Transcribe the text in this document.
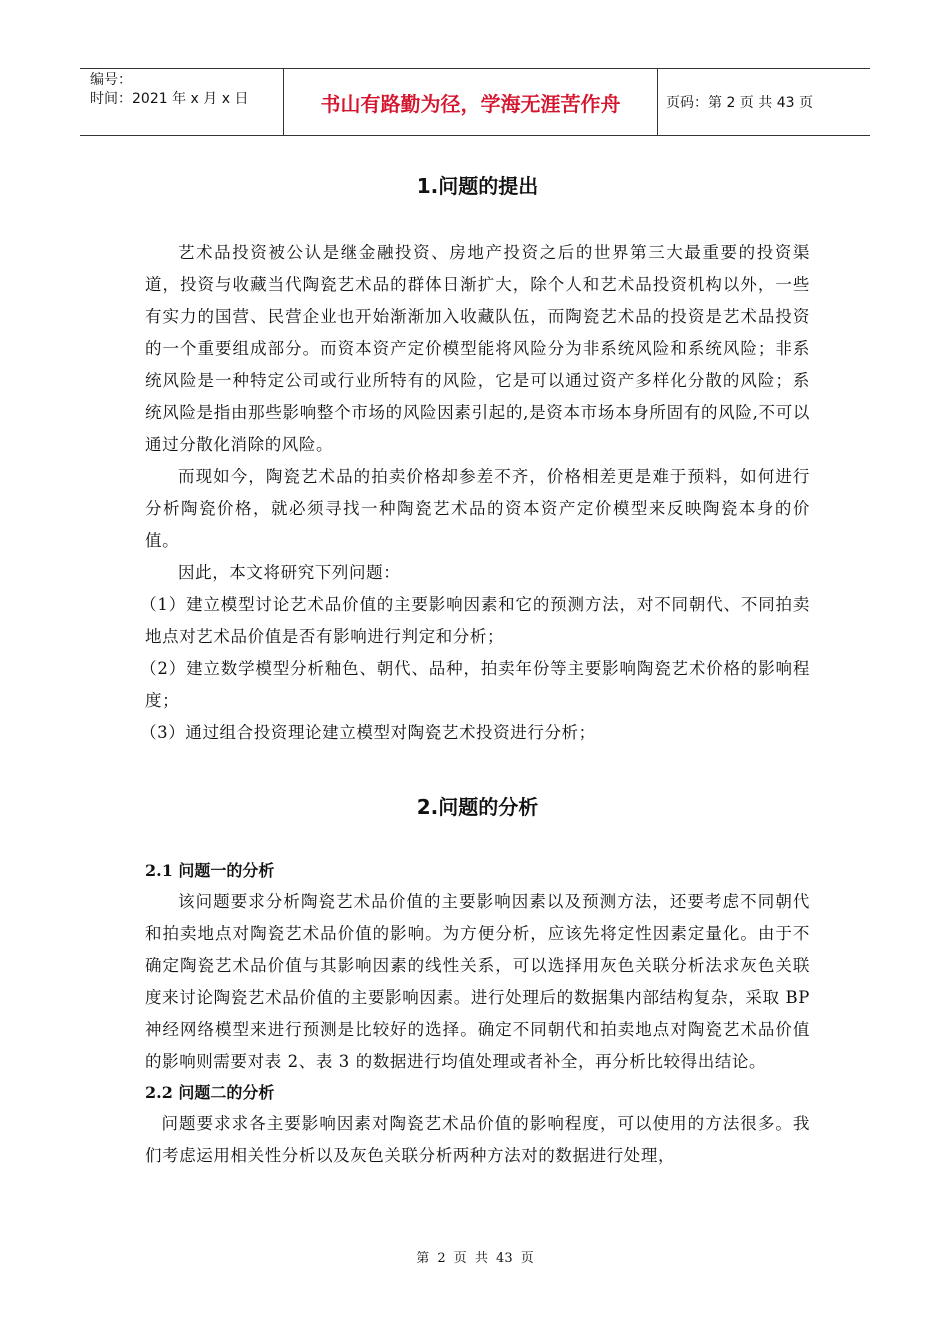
编号：
时间：2021 年 x 月 x 日	书山有路勤为径，学海无涯苦作舟	页码：第 2 页 共 43 页
1.问题的提出

艺术品投资被公认是继金融投资、房地产投资之后的世界第三大最重要的投资渠道，投资与收藏当代陶瓷艺术品的群体日渐扩大，除个人和艺术品投资机构以外，一些有实力的国营、民营企业也开始渐渐加入收藏队伍，而陶瓷艺术品的投资是艺术品投资的一个重要组成部分。而资本资产定价模型能将风险分为非系统风险和系统风险；非系统风险是一种特定公司或行业所特有的风险，它是可以通过资产多样化分散的风险；系统风险是指由那些影响整个市场的风险因素引起的,是资本市场本身所固有的风险,不可以通过分散化消除的风险。

而现如今，陶瓷艺术品的拍卖价格却参差不齐，价格相差更是难于预料，如何进行分析陶瓷价格，就必须寻找一种陶瓷艺术品的资本资产定价模型来反映陶瓷本身的价值。

因此，本文将研究下列问题：

（1）建立模型讨论艺术品价值的主要影响因素和它的预测方法，对不同朝代、不同拍卖地点对艺术品价值是否有影响进行判定和分析；

（2）建立数学模型分析釉色、朝代、品种，拍卖年份等主要影响陶瓷艺术价格的影响程度；

（3）通过组合投资理论建立模型对陶瓷艺术投资进行分析；

2.问题的分析
2.1 问题一的分析

该问题要求分析陶瓷艺术品价值的主要影响因素以及预测方法，还要考虑不同朝代和拍卖地点对陶瓷艺术品价值的影响。为方便分析，应该先将定性因素定量化。由于不确定陶瓷艺术品价值与其影响因素的线性关系，可以选择用灰色关联分析法求灰色关联度来讨论陶瓷艺术品价值的主要影响因素。进行处理后的数据集内部结构复杂，采取 BP 神经网络模型来进行预测是比较好的选择。确定不同朝代和拍卖地点对陶瓷艺术品价值的影响则需要对表 2、表 3 的数据进行均值处理或者补全，再分析比较得出结论。

2.2 问题二的分析

问题要求求各主要影响因素对陶瓷艺术品价值的影响程度，可以使用的方法很多。我们考虑运用相关性分析以及灰色关联分析两种方法对的数据进行处理，

第 2 页 共 43 页
